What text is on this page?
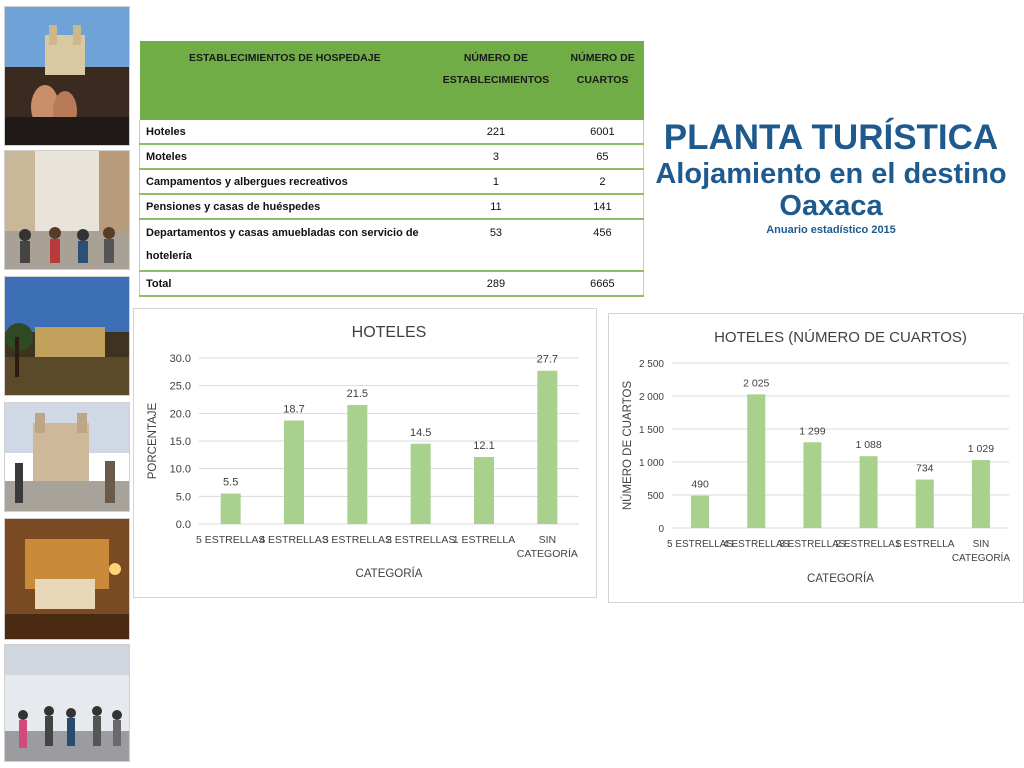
ESTABLECIMIENTOS DE HOSPEDAJE	NÚMERO DE ESTABLECIMIENTOS	NÚMERO DE CUARTOS

Hoteles	221	6001
Moteles	3	65
Campamentos y albergues recreativos	1	2
Pensiones y casas de huéspedes	11	141
Departamentos y casas amuebladas con servicio de hotelería	53	456
Total	289	6665
PLANTA TURÍSTICA
Alojamiento en el destino
Oaxaca
Anuario estadístico 2015
HOTELES
0.0
5.0
10.0
15.0
20.0
25.0
30.0
5.5
5 ESTRELLAS
18.7
4 ESTRELLAS
21.5
3 ESTRELLAS
14.5
2 ESTRELLAS
12.1
1 ESTRELLA
27.7
SIN
CATEGORÍA
CATEGORÍA
PORCENTAJE
HOTELES (NÚMERO DE CUARTOS)
0
500
1 000
1 500
2 000
2 500
490
5 ESTRELLAS
2 025
4 ESTRELLAS
1 299
3 ESTRELLAS
1 088
2 ESTRELLAS
734
1 ESTRELLA
1 029
SIN
CATEGORÍA
CATEGORÍA
NÚMERO DE CUARTOS
